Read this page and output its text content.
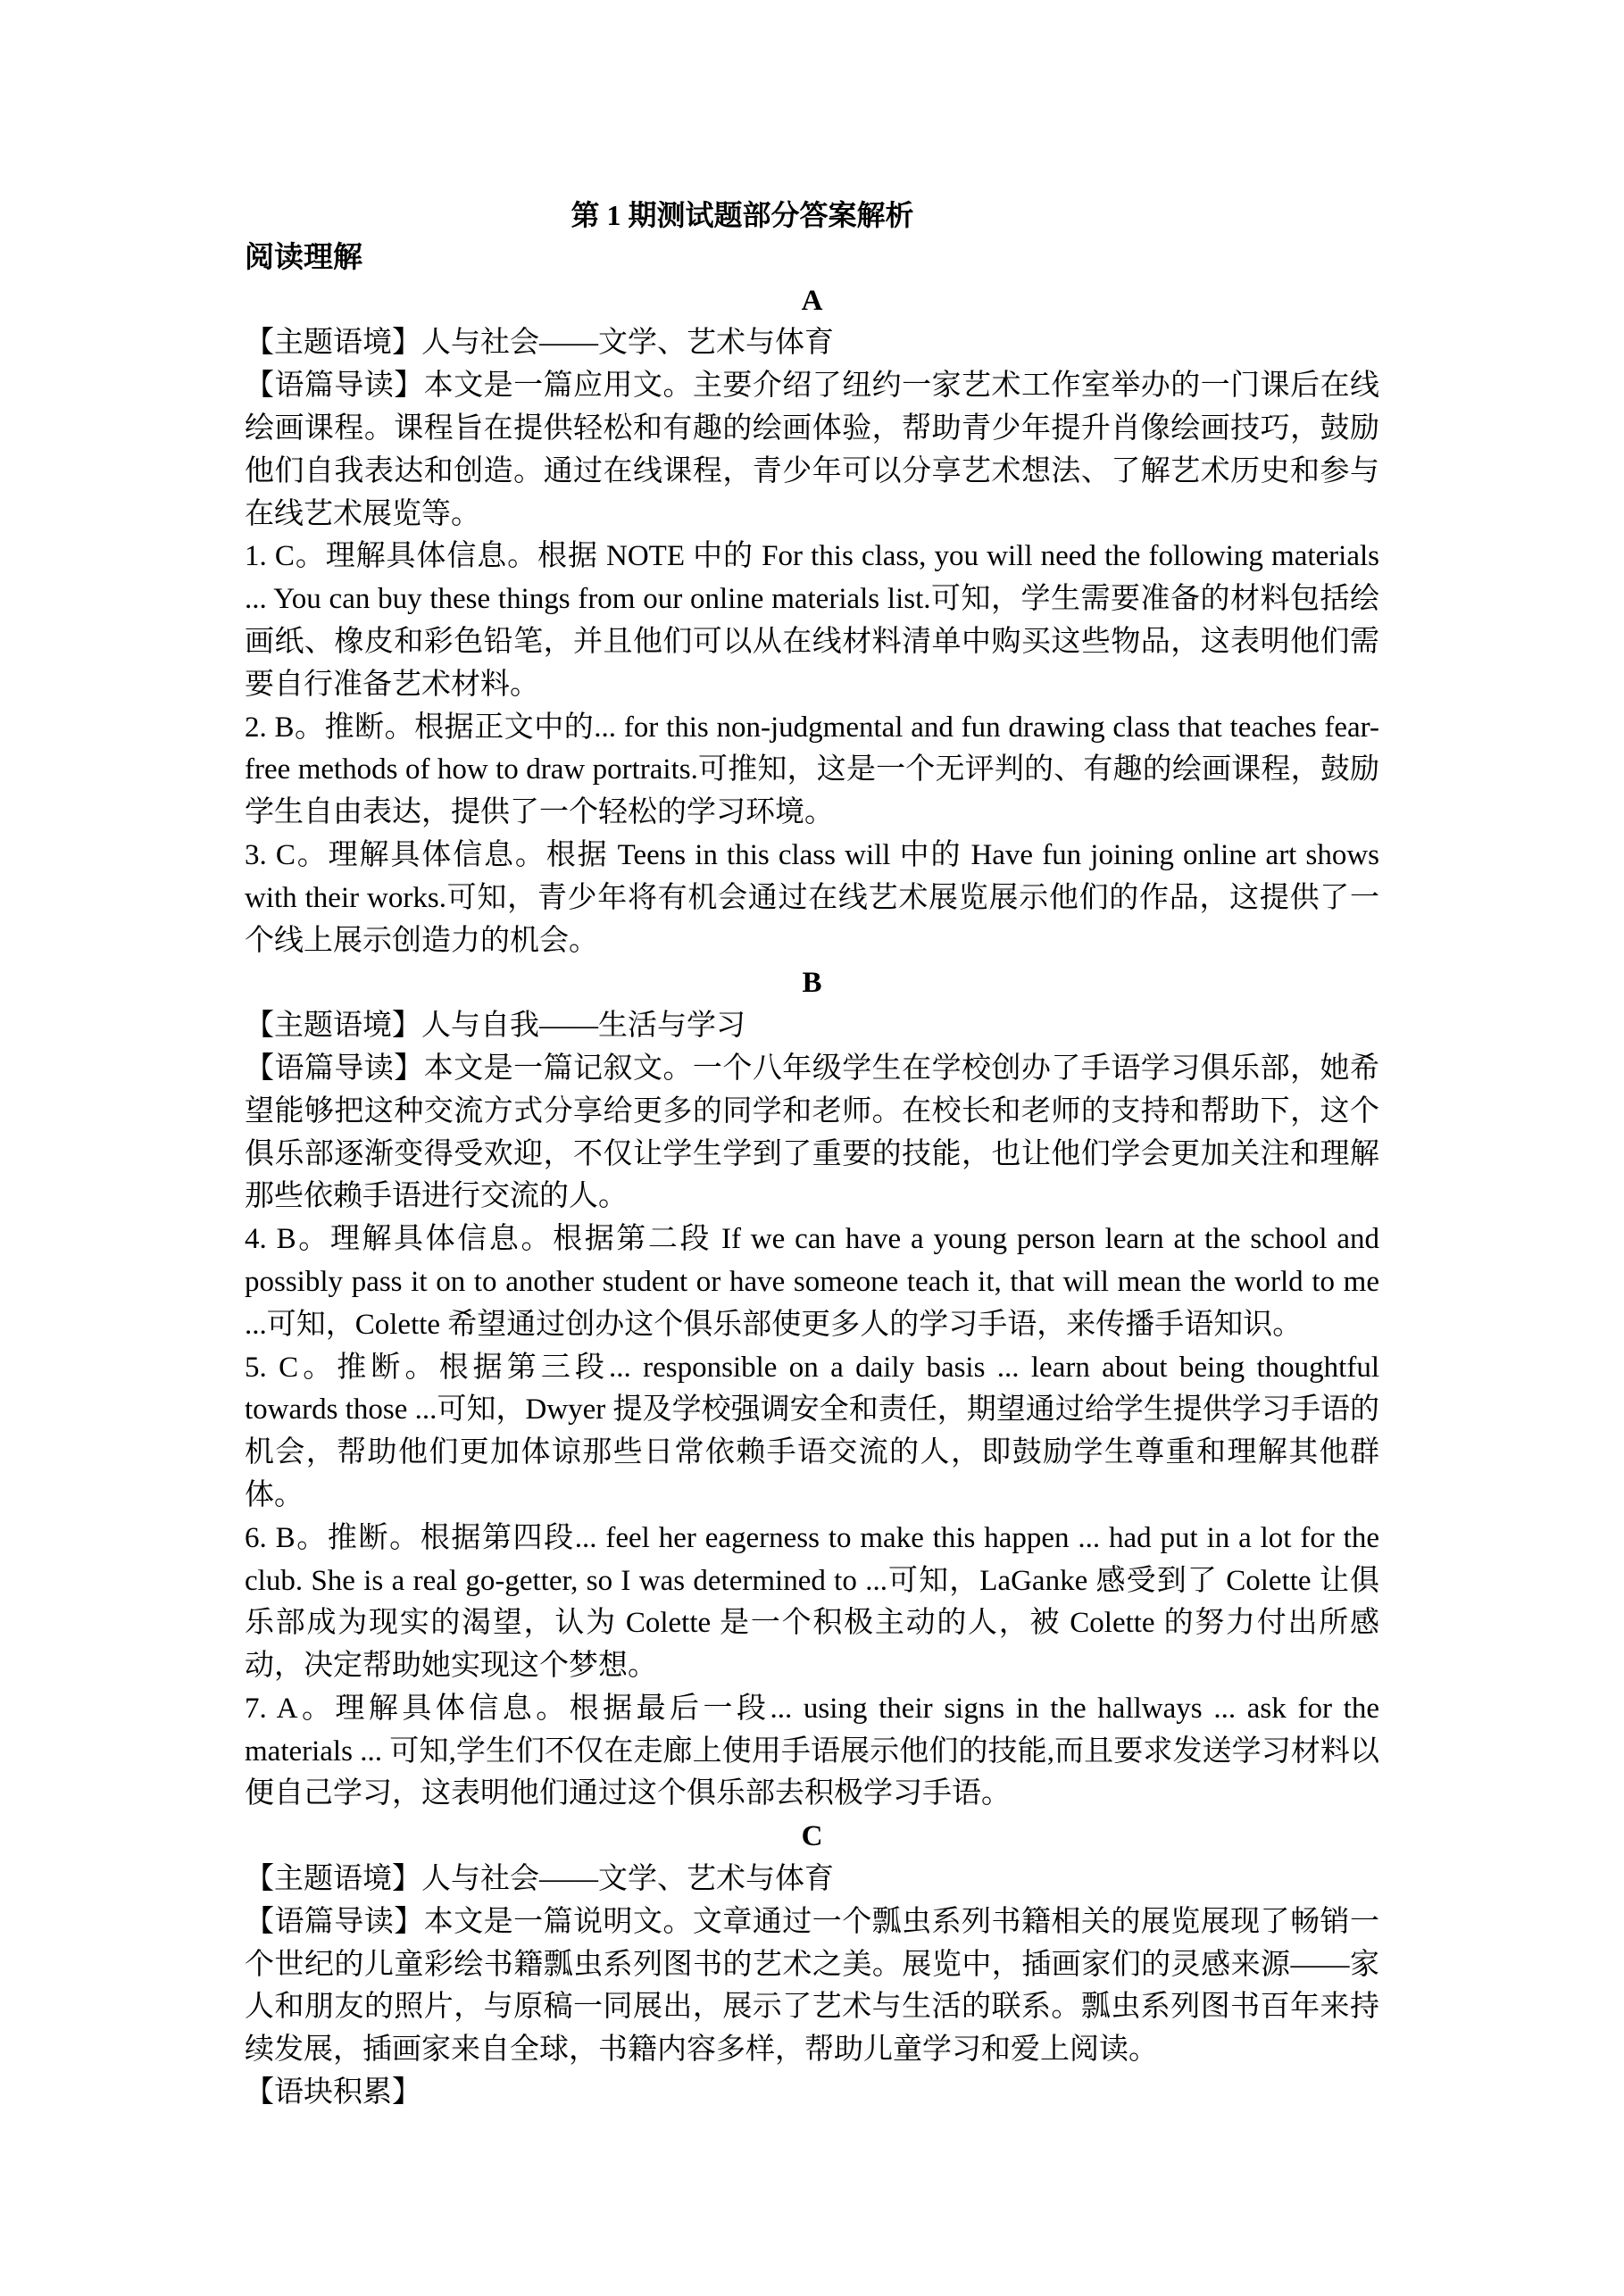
第 1 期测试题部分答案解析
阅读理解

A

【主题语境】人与社会——文学、艺术与体育

【语篇导读】本文是一篇应用文。主要介绍了纽约一家艺术工作室举办的一门课后在线绘画课程。课程旨在提供轻松和有趣的绘画体验，帮助青少年提升肖像绘画技巧，鼓励他们自我表达和创造。通过在线课程，青少年可以分享艺术想法、了解艺术历史和参与在线艺术展览等。

1. C。理解具体信息。根据 NOTE 中的 For this class, you will need the following materials ... You can buy these things from our online materials list.可知，学生需要准备的材料包括绘画纸、橡皮和彩色铅笔，并且他们可以从在线材料清单中购买这些物品，这表明他们需要自行准备艺术材料。

2. B。推断。根据正文中的... for this non-judgmental and fun drawing class that teaches fear-free methods of how to draw portraits.可推知，这是一个无评判的、有趣的绘画课程，鼓励学生自由表达，提供了一个轻松的学习环境。

3. C。理解具体信息。根据 Teens in this class will 中的 Have fun joining online art shows with their works.可知，青少年将有机会通过在线艺术展览展示他们的作品，这提供了一个线上展示创造力的机会。

B

【主题语境】人与自我——生活与学习

【语篇导读】本文是一篇记叙文。一个八年级学生在学校创办了手语学习俱乐部，她希望能够把这种交流方式分享给更多的同学和老师。在校长和老师的支持和帮助下，这个俱乐部逐渐变得受欢迎，不仅让学生学到了重要的技能，也让他们学会更加关注和理解那些依赖手语进行交流的人。

4. B。理解具体信息。根据第二段 If we can have a young person learn at the school and possibly pass it on to another student or have someone teach it, that will mean the world to me ...可知，Colette 希望通过创办这个俱乐部使更多人的学习手语，来传播手语知识。

5. C。推断。根据第三段... responsible on a daily basis ... learn about being thoughtful towards those ...可知，Dwyer 提及学校强调安全和责任，期望通过给学生提供学习手语的机会，帮助他们更加体谅那些日常依赖手语交流的人，即鼓励学生尊重和理解其他群体。

6. B。推断。根据第四段... feel her eagerness to make this happen ... had put in a lot for the club. She is a real go-getter, so I was determined to ...可知，LaGanke 感受到了 Colette 让俱乐部成为现实的渴望，认为 Colette 是一个积极主动的人，被 Colette 的努力付出所感动，决定帮助她实现这个梦想。

7. A。理解具体信息。根据最后一段... using their signs in the hallways ... ask for the materials ... 可知,学生们不仅在走廊上使用手语展示他们的技能,而且要求发送学习材料以便自己学习，这表明他们通过这个俱乐部去积极学习手语。

C

【主题语境】人与社会——文学、艺术与体育

【语篇导读】本文是一篇说明文。文章通过一个瓢虫系列书籍相关的展览展现了畅销一个世纪的儿童彩绘书籍瓢虫系列图书的艺术之美。展览中，插画家们的灵感来源——家人和朋友的照片，与原稿一同展出，展示了艺术与生活的联系。瓢虫系列图书百年来持续发展，插画家来自全球，书籍内容多样，帮助儿童学习和爱上阅读。

【语块积累】
